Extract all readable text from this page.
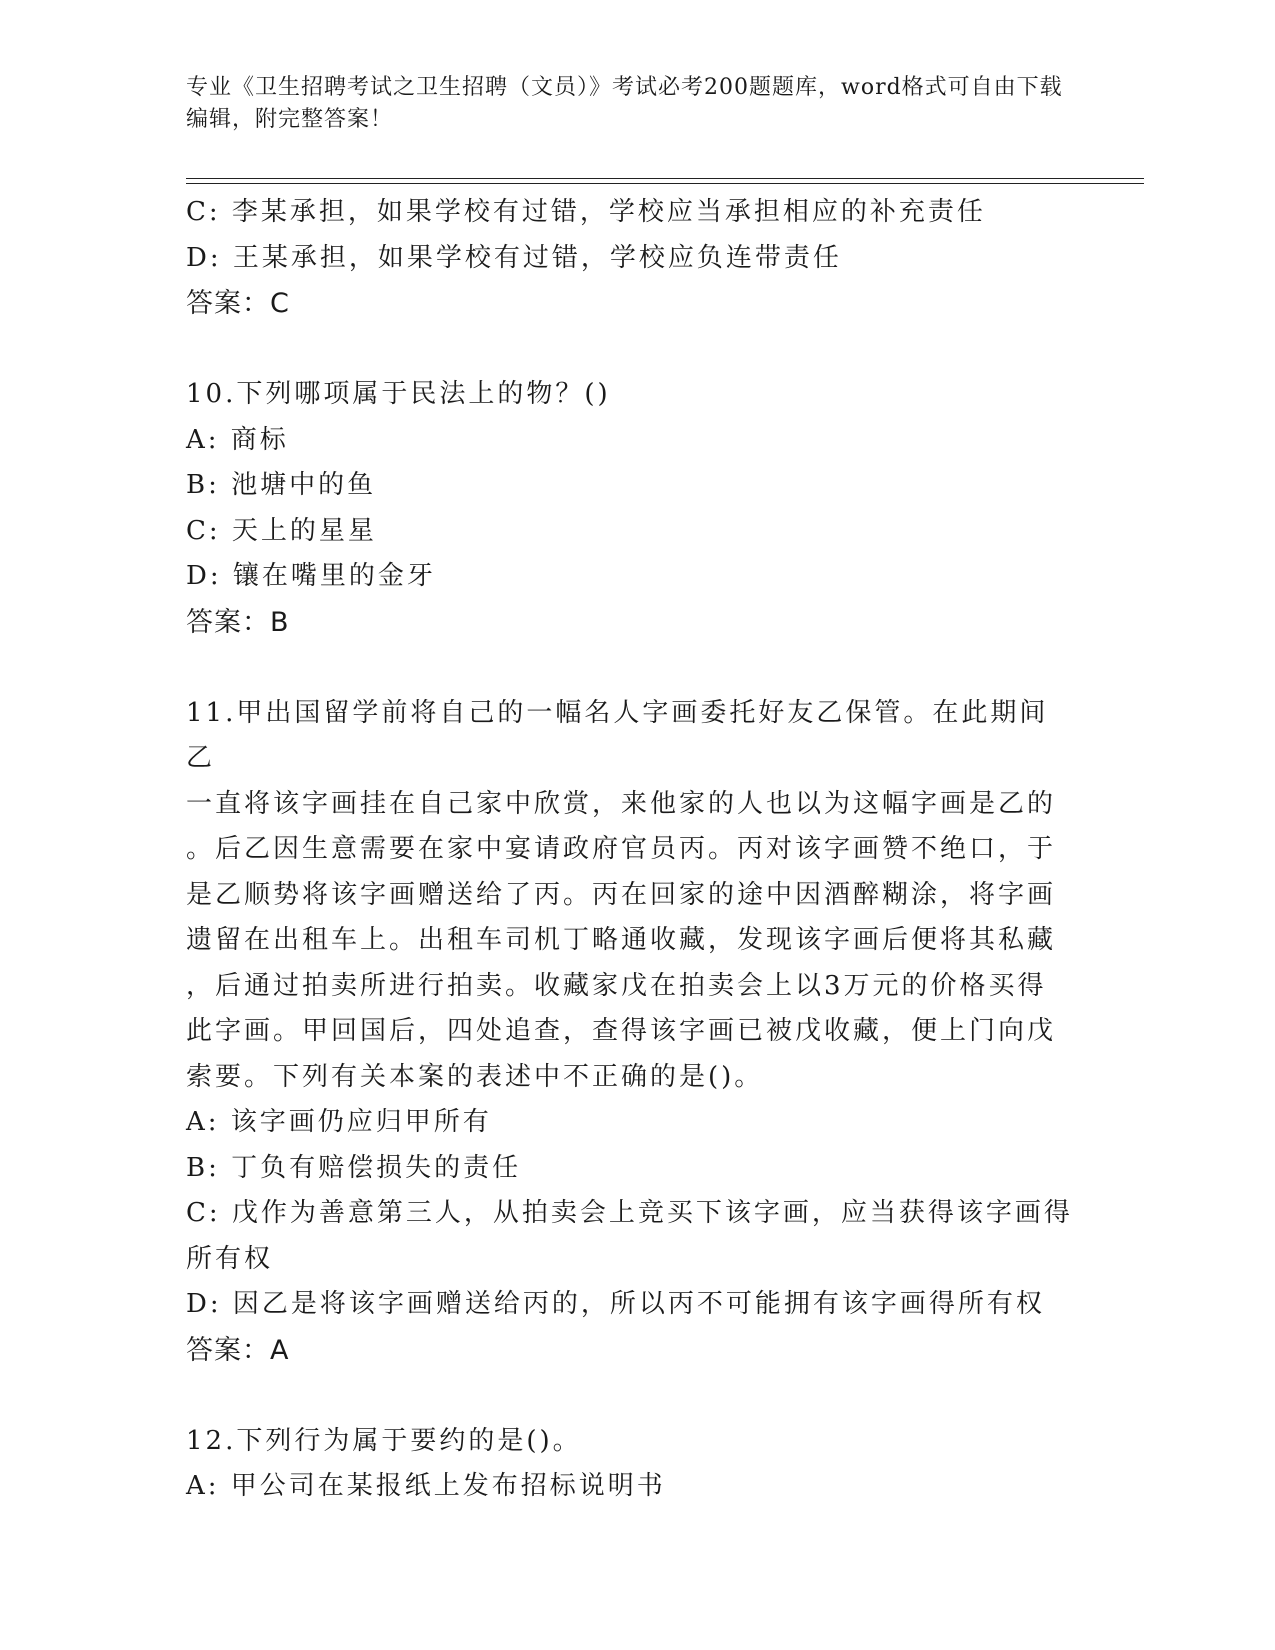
专业《卫生招聘考试之卫生招聘（文员）》考试必考200题题库，word格式可自由下载编辑，附完整答案！
C: 李某承担，如果学校有过错，学校应当承担相应的补充责任
D: 王某承担，如果学校有过错，学校应负连带责任
答案：C
10.下列哪项属于民法上的物？()
A: 商标
B: 池塘中的鱼
C: 天上的星星
D: 镶在嘴里的金牙
答案：B
11.甲出国留学前将自己的一幅名人字画委托好友乙保管。在此期间乙
一直将该字画挂在自己家中欣赏，来他家的人也以为这幅字画是乙的
。后乙因生意需要在家中宴请政府官员丙。丙对该字画赞不绝口，于
是乙顺势将该字画赠送给了丙。丙在回家的途中因酒醉糊涂，将字画
遗留在出租车上。出租车司机丁略通收藏，发现该字画后便将其私藏
，后通过拍卖所进行拍卖。收藏家戊在拍卖会上以3万元的价格买得
此字画。甲回国后，四处追查，查得该字画已被戊收藏，便上门向戊
索要。下列有关本案的表述中不正确的是()。
A: 该字画仍应归甲所有
B: 丁负有赔偿损失的责任
C: 戊作为善意第三人，从拍卖会上竞买下该字画，应当获得该字画得
所有权
D: 因乙是将该字画赠送给丙的，所以丙不可能拥有该字画得所有权
答案：A
12.下列行为属于要约的是()。
A: 甲公司在某报纸上发布招标说明书
